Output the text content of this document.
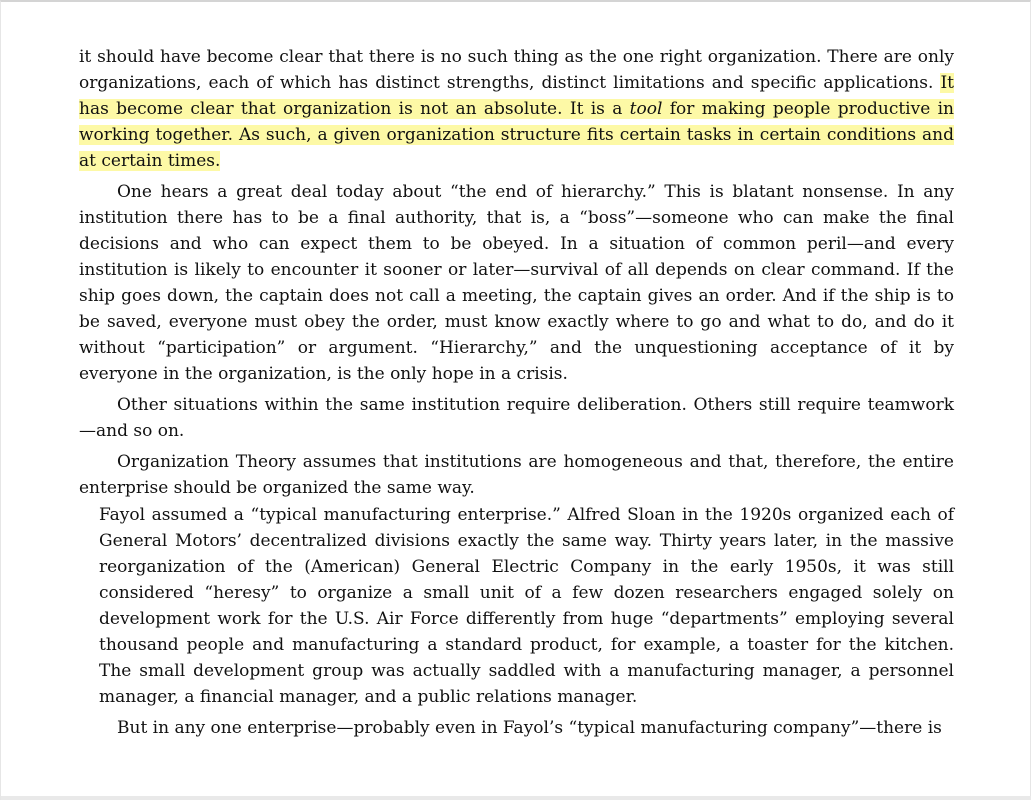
it should have become clear that there is no such thing as the one right organization. There are only organizations, each of which has distinct strengths, distinct limitations and specific applications. It has become clear that organization is not an absolute. It is a tool for making people productive in working together. As such, a given organization structure fits certain tasks in certain conditions and at certain times.

One hears a great deal today about “the end of hierarchy.” This is blatant nonsense. In any institution there has to be a final authority, that is, a “boss”—someone who can make the final decisions and who can expect them to be obeyed. In a situation of common peril—and every institution is likely to encounter it sooner or later—survival of all depends on clear command. If the ship goes down, the captain does not call a meeting, the captain gives an order. And if the ship is to be saved, everyone must obey the order, must know exactly where to go and what to do, and do it without “participation” or argument. “Hierarchy,” and the unquestioning acceptance of it by everyone in the organization, is the only hope in a crisis.

Other situations within the same institution require deliberation. Others still require teamwork—and so on.

Organization Theory assumes that institutions are homogeneous and that, therefore, the entire enterprise should be organized the same way.

Fayol assumed a “typical manufacturing enterprise.” Alfred Sloan in the 1920s organized each of General Motors’ decentralized divisions exactly the same way. Thirty years later, in the massive reorganization of the (American) General Electric Company in the early 1950s, it was still considered “heresy” to organize a small unit of a few dozen researchers engaged solely on development work for the U.S. Air Force differently from huge “departments” employing several thousand people and manufacturing a standard product, for example, a toaster for the kitchen. The small development group was actually saddled with a manufacturing manager, a personnel manager, a financial manager, and a public relations manager.

But in any one enterprise—probably even in Fayol’s “typical manufacturing company”—there is
